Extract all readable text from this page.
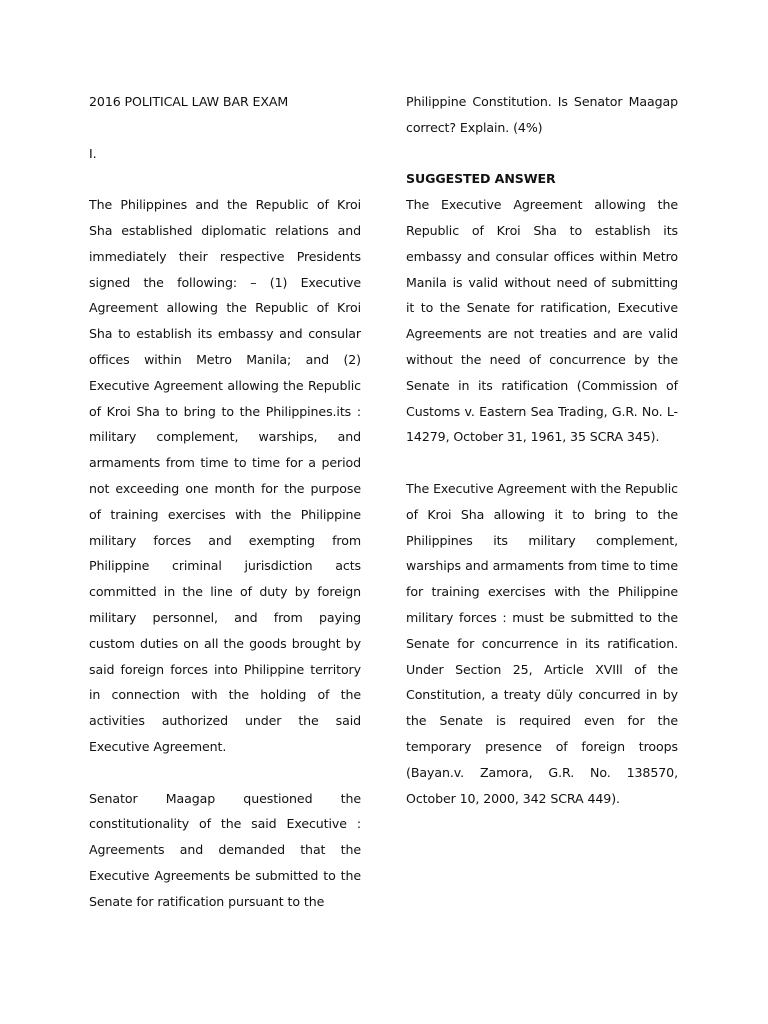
2016 POLITICAL LAW BAR EXAM

I.

The Philippines and the Republic of Kroi Sha established diplomatic relations and immediately their respective Presidents signed the following: – (1) Executive Agreement allowing the Republic of Kroi Sha to establish its embassy and consular offices within Metro Manila; and (2) Executive Agreement allowing the Republic of Kroi Sha to bring to the Philippines.its : military complement, warships, and armaments from time to time for a period not exceeding one month for the purpose of training exercises with the Philippine military forces and exempting from Philippine criminal jurisdiction acts committed in the line of duty by foreign military personnel, and from paying custom duties on all the goods brought by said foreign forces into Philippine territory in connection with the holding of the activities authorized under the said Executive Agreement.

Senator Maagap questioned the constitutionality of the said Executive : Agreements and demanded that the Executive Agreements be submitted to the Senate for ratification pursuant to the

Philippine Constitution. Is Senator Maagap correct? Explain. (4%)

SUGGESTED ANSWER

The Executive Agreement allowing the Republic of Kroi Sha to establish its embassy and consular offices within Metro Manila is valid without need of submitting it to the Senate for ratification, Executive Agreements are not treaties and are valid without the need of concurrence by the Senate in its ratification (Commission of Customs v. Eastern Sea Trading, G.R. No. L-14279, October 31, 1961, 35 SCRA 345).

The Executive Agreement with the Republic of Kroi Sha allowing it to bring to the Philippines its military complement, warships and armaments from time to time for training exercises with the Philippine military forces : must be submitted to the Senate for concurrence in its ratification. Under Section 25, Article XVIll of the Constitution, a treaty düly concurred in by the Senate is required even for the temporary presence of foreign troops (Bayan.v. Zamora, G.R. No. 138570, October 10, 2000, 342 SCRA 449).
